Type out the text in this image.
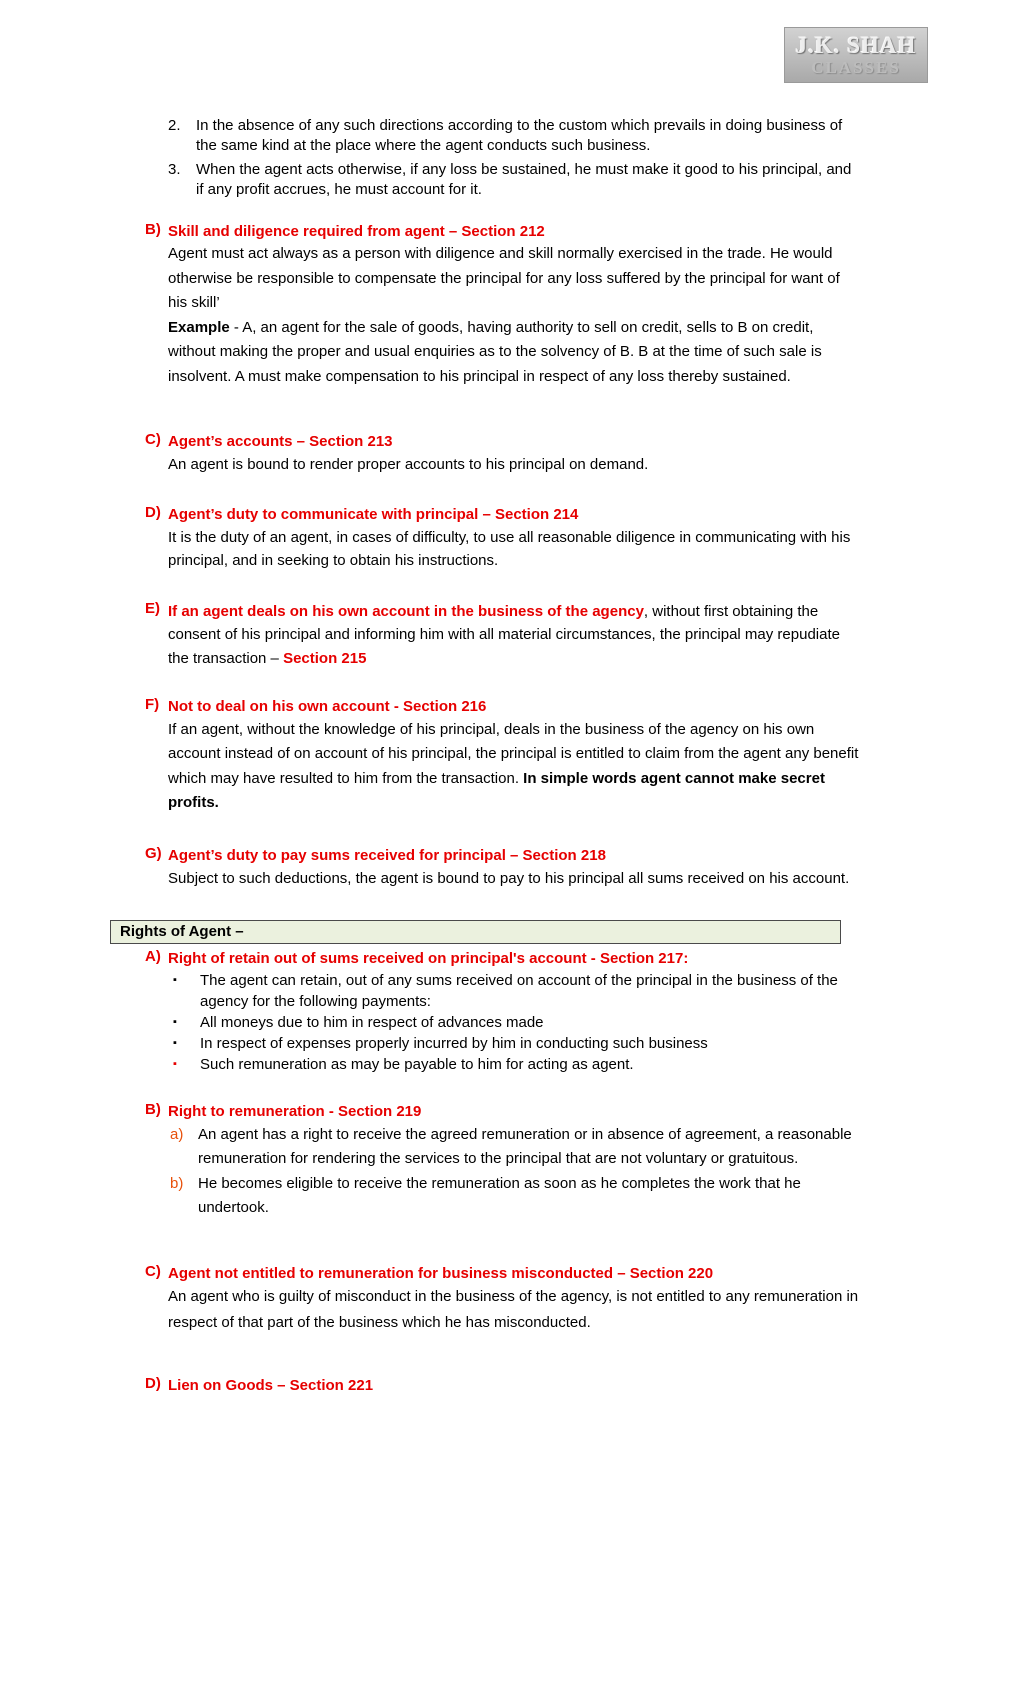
J.K. SHAH
CLASSES
2.	In the absence of any such directions according to the custom which prevails in doing business of the same kind at the place where the agent conducts such business.
3.	When the agent acts otherwise, if any loss be sustained, he must make it good to his principal, and if any profit accrues, he must account for it.
B) Skill and diligence required from agent – Section 212
Agent must act always as a person with diligence and skill normally exercised in the trade. He would otherwise be responsible to compensate the principal for any loss suffered by the principal for want of his skill’
Example - A, an agent for the sale of goods, having authority to sell on credit, sells to B on credit, without making the proper and usual enquiries as to the solvency of B. B at the time of such sale is insolvent. A must make compensation to his principal in respect of any loss thereby sustained.
C) Agent’s accounts – Section 213
An agent is bound to render proper accounts to his principal on demand.
D) Agent’s duty to communicate with principal – Section 214
It is the duty of an agent, in cases of difficulty, to use all reasonable diligence in communicating with his principal, and in seeking to obtain his instructions.
E) If an agent deals on his own account in the business of the agency, without first obtaining the consent of his principal and informing him with all material circumstances, the principal may repudiate the transaction – Section 215
F) Not to deal on his own account - Section 216
If an agent, without the knowledge of his principal, deals in the business of the agency on his own account instead of on account of his principal, the principal is entitled to claim from the agent any benefit which may have resulted to him from the transaction. In simple words agent cannot make secret profits.
G) Agent’s duty to pay sums received for principal – Section 218
Subject to such deductions, the agent is bound to pay to his principal all sums received on his account.
Rights of Agent –
A) Right of retain out of sums received on principal's account - Section 217:
▪	The agent can retain, out of any sums received on account of the principal in the business of the agency for the following payments:
▪	All moneys due to him in respect of advances made
▪	In respect of expenses properly incurred by him in conducting such business
▪	Such remuneration as may be payable to him for acting as agent.
B) Right to remuneration - Section 219
a) An agent has a right to receive the agreed remuneration or in absence of agreement, a reasonable remuneration for rendering the services to the principal that are not voluntary or gratuitous.
b) He becomes eligible to receive the remuneration as soon as he completes the work that he undertook.
C) Agent not entitled to remuneration for business misconducted – Section 220
An agent who is guilty of misconduct in the business of the agency, is not entitled to any remuneration in respect of that part of the business which he has misconducted.
D) Lien on Goods – Section 221
